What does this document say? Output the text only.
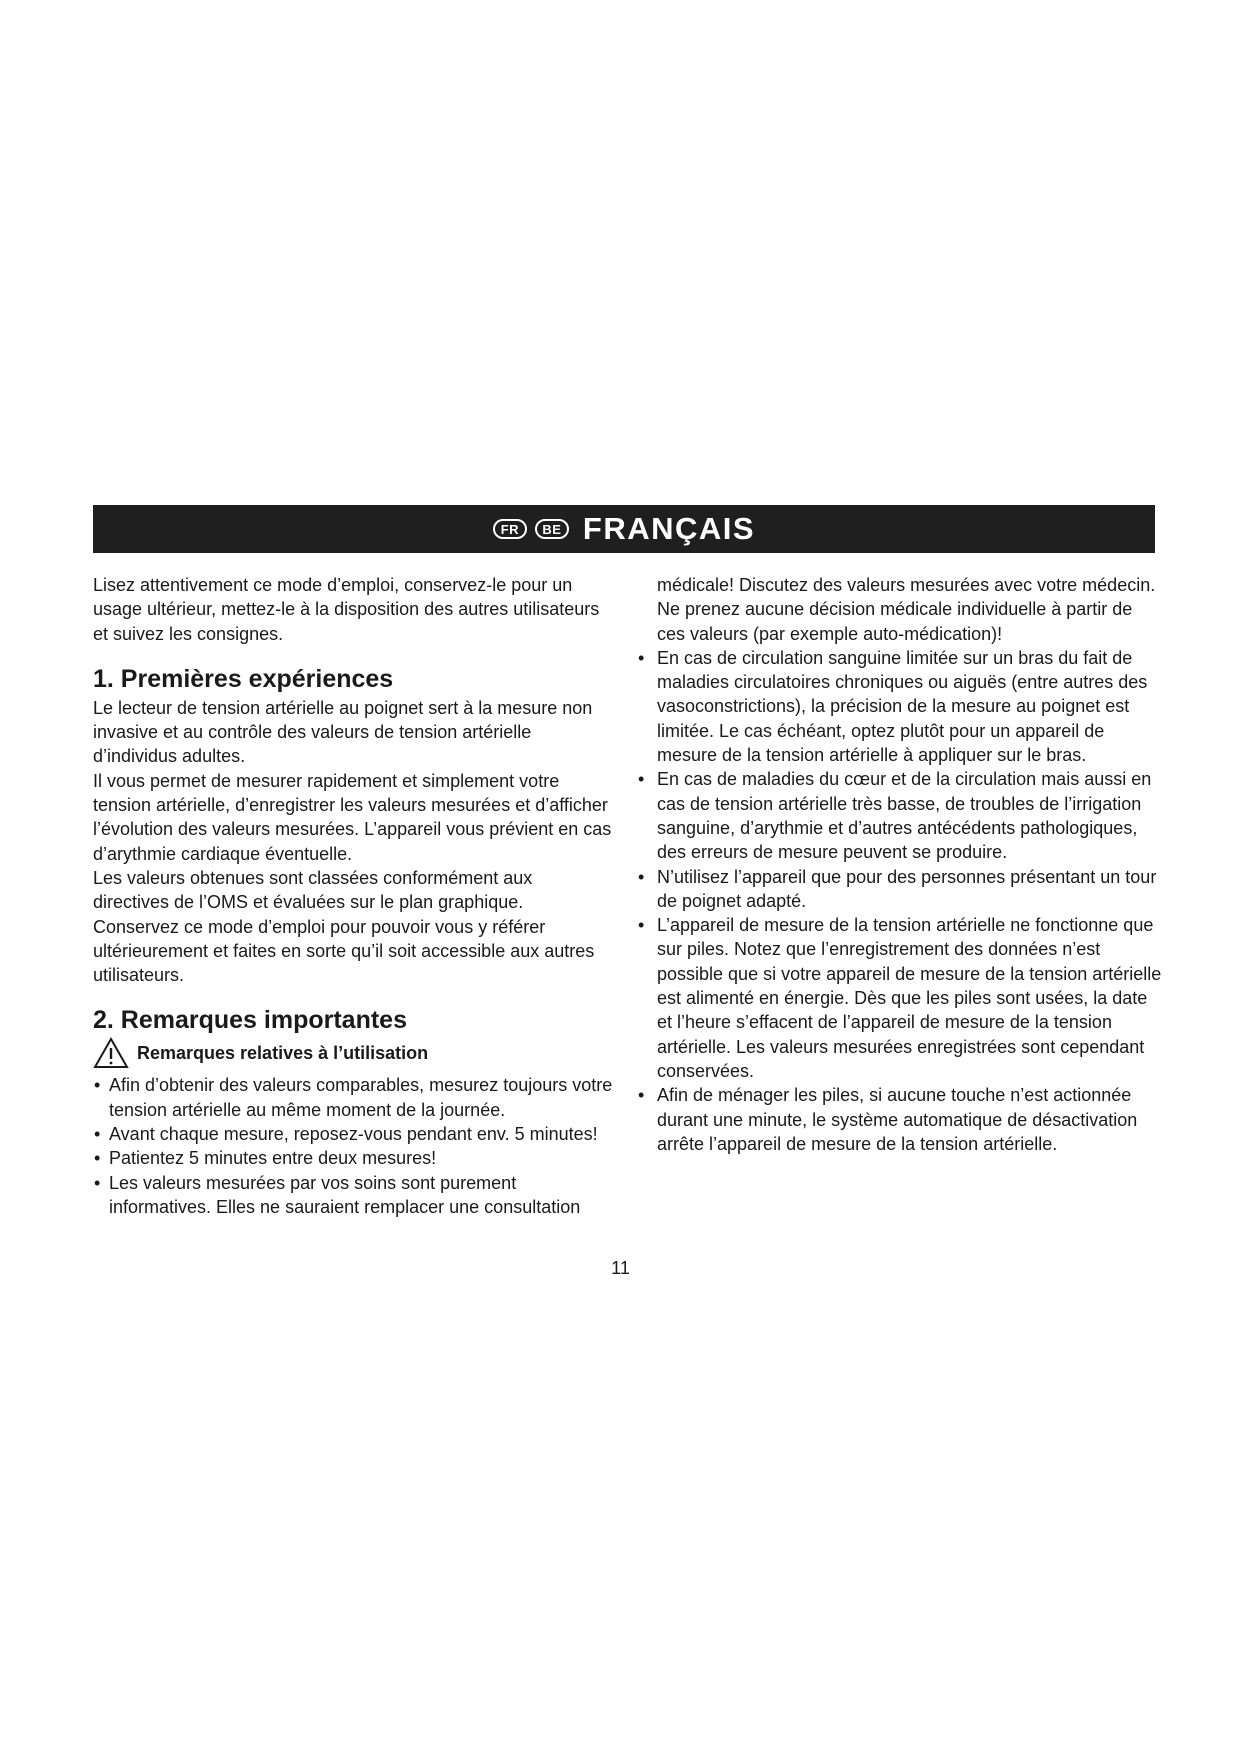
FR	BE FRANÇAIS

Lisez attentivement ce mode d’emploi, conservez-le pour un usage ultérieur, mettez-le à la disposition des autres utilisateurs et suivez les consignes.

1. Premières expériences

Le lecteur de tension artérielle au poignet sert à la mesure non invasive et au contrôle des valeurs de tension artérielle d’individus adultes.

Il vous permet de mesurer rapidement et simplement votre tension artérielle, d’enregistrer les valeurs mesurées et d’afficher l’évolution des valeurs mesurées. L’appareil vous prévient en cas d’arythmie cardiaque éventuelle.

Les valeurs obtenues sont classées conformément aux directives de l’OMS et évaluées sur le plan graphique.

Conservez ce mode d’emploi pour pouvoir vous y référer ultérieurement et faites en sorte qu’il soit accessible aux autres utilisateurs.

2. Remarques importantes
Remarques relatives à l’utilisation
• Afin d’obtenir des valeurs comparables, mesurez toujours votre tension artérielle au même moment de la journée.
• Avant chaque mesure, reposez-vous pendant env. 5 minutes!
• Patientez 5 minutes entre deux mesures!
• Les valeurs mesurées par vos soins sont purement informatives. Elles ne sauraient remplacer une consultation

médicale! Discutez des valeurs mesurées avec votre médecin. Ne prenez aucune décision médicale individuelle à partir de ces valeurs (par exemple auto-médication)!

• En cas de circulation sanguine limitée sur un bras du fait de maladies circulatoires chroniques ou aiguës (entre autres des vasoconstrictions), la précision de la mesure au poignet est limitée. Le cas échéant, optez plutôt pour un appareil de mesure de la tension artérielle à appliquer sur le bras.
• En cas de maladies du cœur et de la circulation mais aussi en cas de tension artérielle très basse, de troubles de l’irrigation sanguine, d’arythmie et d’autres antécédents pathologiques, des erreurs de mesure peuvent se produire.
• N’utilisez l’appareil que pour des personnes présentant un tour de poignet adapté.
• L’appareil de mesure de la tension artérielle ne fonctionne que sur piles. Notez que l’enregistrement des données n’est possible que si votre appareil de mesure de la tension artérielle est alimenté en énergie. Dès que les piles sont usées, la date et l’heure s’effacent de l’appareil de mesure de la tension artérielle. Les valeurs mesurées enregistrées sont cependant conservées.
• Afin de ménager les piles, si aucune touche n’est actionnée durant une minute, le système automatique de désactivation arrête l’appareil de mesure de la tension artérielle.
11
